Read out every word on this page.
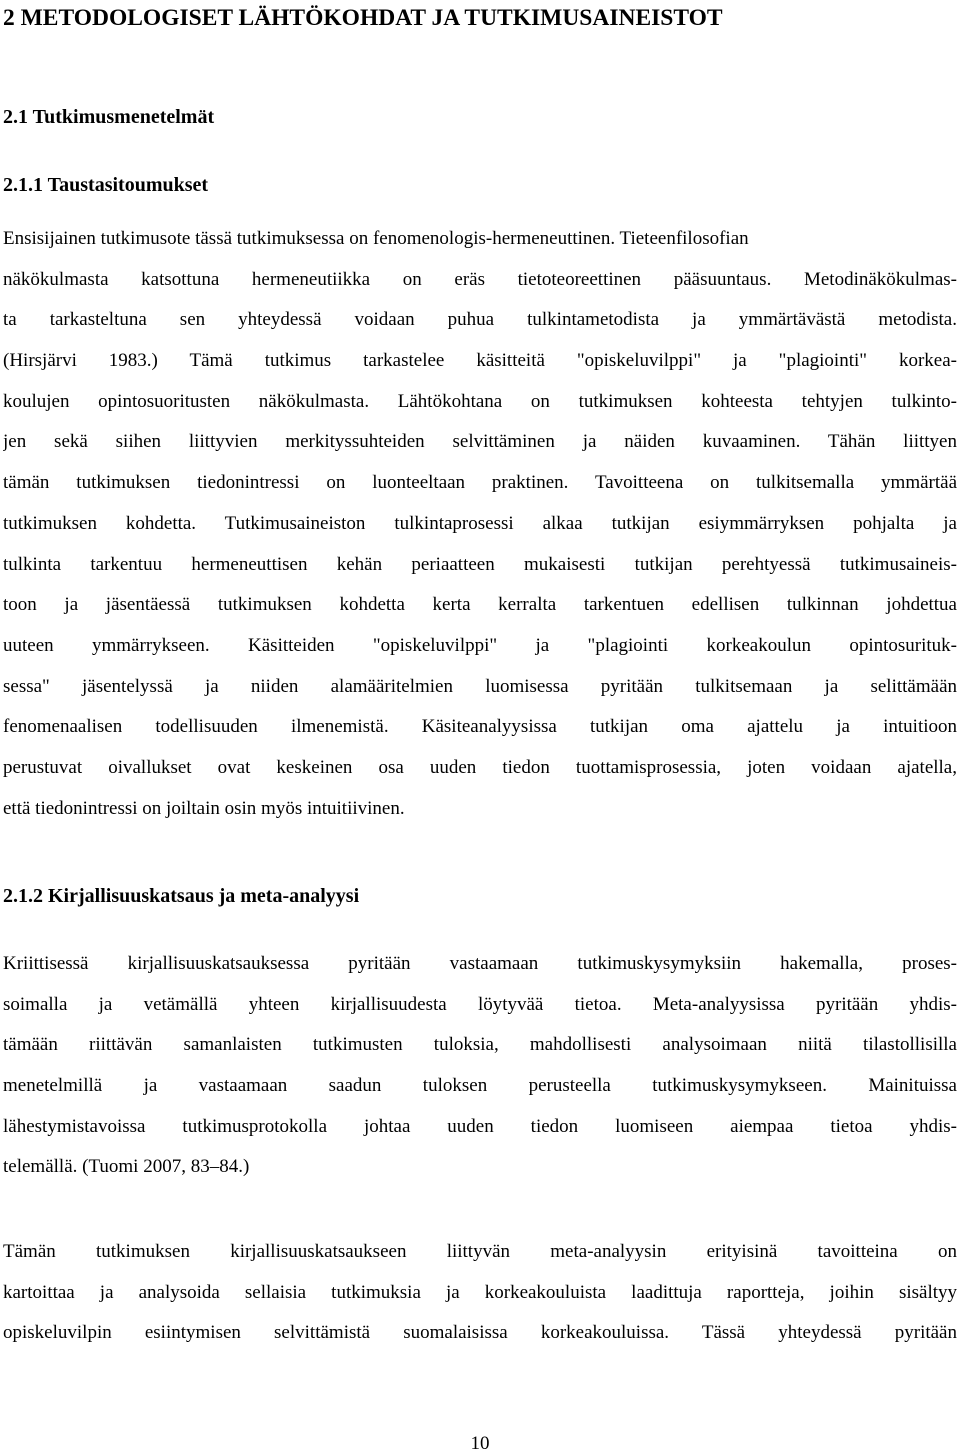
2 METODOLOGISET LÄHTÖKOHDAT JA TUTKIMUSAINEISTOT
2.1 Tutkimusmenetelmät
2.1.1 Taustasitoumukset
Ensisijainen tutkimusote tässä tutkimuksessa on fenomenologis-hermeneuttinen. Tieteenfilosofian
näkökulmasta katsottuna hermeneutiikka on eräs tietoteoreettinen pääsuuntaus. Metodinäkökulmas-
ta tarkasteltuna sen yhteydessä voidaan puhua tulkintametodista ja ymmärtävästä metodista.
(Hirsjärvi 1983.) Tämä tutkimus tarkastelee käsitteitä "opiskeluvilppi" ja "plagiointi" korkea-
koulujen opintosuoritusten näkökulmasta. Lähtökohtana on tutkimuksen kohteesta tehtyjen tulkinto-
jen sekä siihen liittyvien merkityssuhteiden selvittäminen ja näiden kuvaaminen. Tähän liittyen
tämän tutkimuksen tiedonintressi on luonteeltaan praktinen. Tavoitteena on tulkitsemalla ymmärtää
tutkimuksen kohdetta. Tutkimusaineiston tulkintaprosessi alkaa tutkijan esiymmärryksen pohjalta ja
tulkinta tarkentuu hermeneuttisen kehän periaatteen mukaisesti tutkijan perehtyessä tutkimusaineis-
toon ja jäsentäessä tutkimuksen kohdetta kerta kerralta tarkentuen edellisen tulkinnan johdettua
uuteen ymmärrykseen. Käsitteiden "opiskeluvilppi" ja "plagiointi korkeakoulun opintosurituk-
sessa" jäsentelyssä ja niiden alamääritelmien luomisessa pyritään tulkitsemaan ja selittämään
fenomenaalisen todellisuuden ilmenemistä. Käsiteanalyysissa tutkijan oma ajattelu ja intuitioon
perustuvat oivallukset ovat keskeinen osa uuden tiedon tuottamisprosessia, joten voidaan ajatella,
että tiedonintressi on joiltain osin myös intuitiivinen.
2.1.2 Kirjallisuuskatsaus ja meta-analyysi
Kriittisessä kirjallisuuskatsauksessa pyritään vastaamaan tutkimuskysymyksiin hakemalla, proses-
soimalla ja vetämällä yhteen kirjallisuudesta löytyvää tietoa. Meta-analyysissa pyritään yhdis-
tämään riittävän samanlaisten tutkimusten tuloksia, mahdollisesti analysoimaan niitä tilastollisilla
menetelmillä ja vastaamaan saadun tuloksen perusteella tutkimuskysymykseen. Mainituissa
lähestymistavoissa tutkimusprotokolla johtaa uuden tiedon luomiseen aiempaa tietoa yhdis-
telemällä. (Tuomi 2007, 83–84.)
Tämän tutkimuksen kirjallisuuskatsaukseen liittyvän meta-analyysin erityisinä tavoitteina on
kartoittaa ja analysoida sellaisia tutkimuksia ja korkeakouluista laadittuja raportteja, joihin sisältyy
opiskeluvilpin esiintymisen selvittämistä suomalaisissa korkeakouluissa. Tässä yhteydessä pyritään
10
